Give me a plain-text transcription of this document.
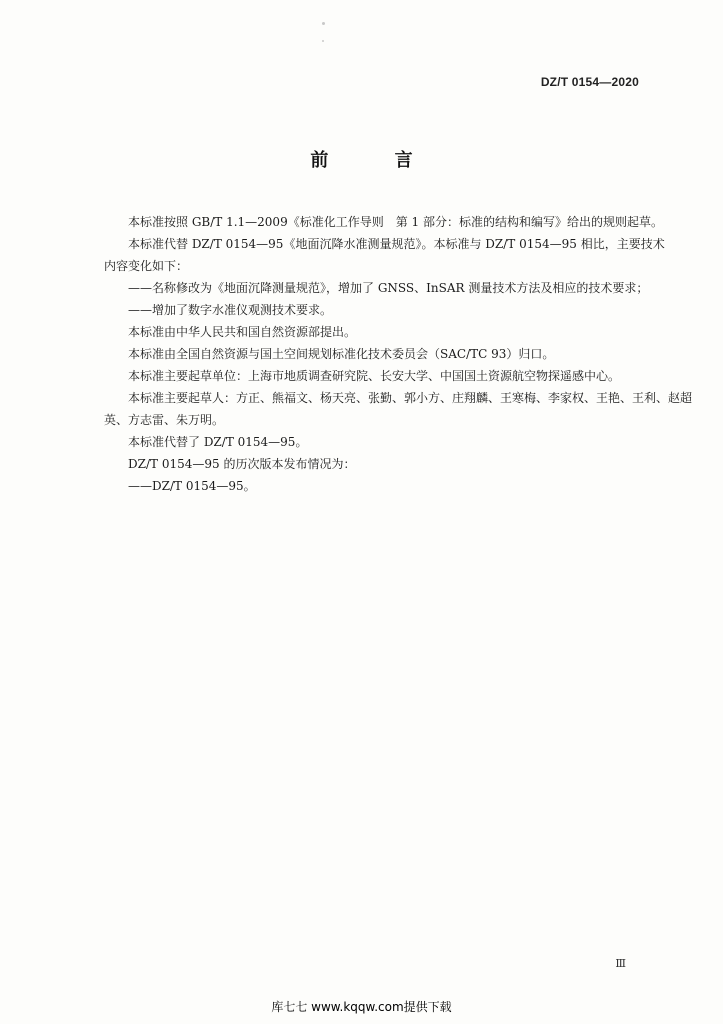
DZ/T 0154—2020
前 言

本标准按照 GB/T 1.1—2009《标准化工作导则　第 1 部分：标准的结构和编写》给出的规则起草。

本标准代替 DZ/T 0154—95《地面沉降水准测量规范》。本标准与 DZ/T 0154—95 相比，主要技术
内容变化如下：

——名称修改为《地面沉降测量规范》，增加了 GNSS、InSAR 测量技术方法及相应的技术要求；

——增加了数字水准仪观测技术要求。

本标准由中华人民共和国自然资源部提出。

本标准由全国自然资源与国土空间规划标准化技术委员会（SAC/TC 93）归口。

本标准主要起草单位：上海市地质调查研究院、长安大学、中国国土资源航空物探遥感中心。

本标准主要起草人：方正、熊福文、杨天亮、张勤、郭小方、庄翔麟、王寒梅、李家权、王艳、王利、赵超
英、方志雷、朱万明。

本标准代替了 DZ/T 0154—95。

DZ/T 0154—95 的历次版本发布情况为：

——DZ/T 0154—95。

Ⅲ
库七七 www.kqqw.com提供下载
